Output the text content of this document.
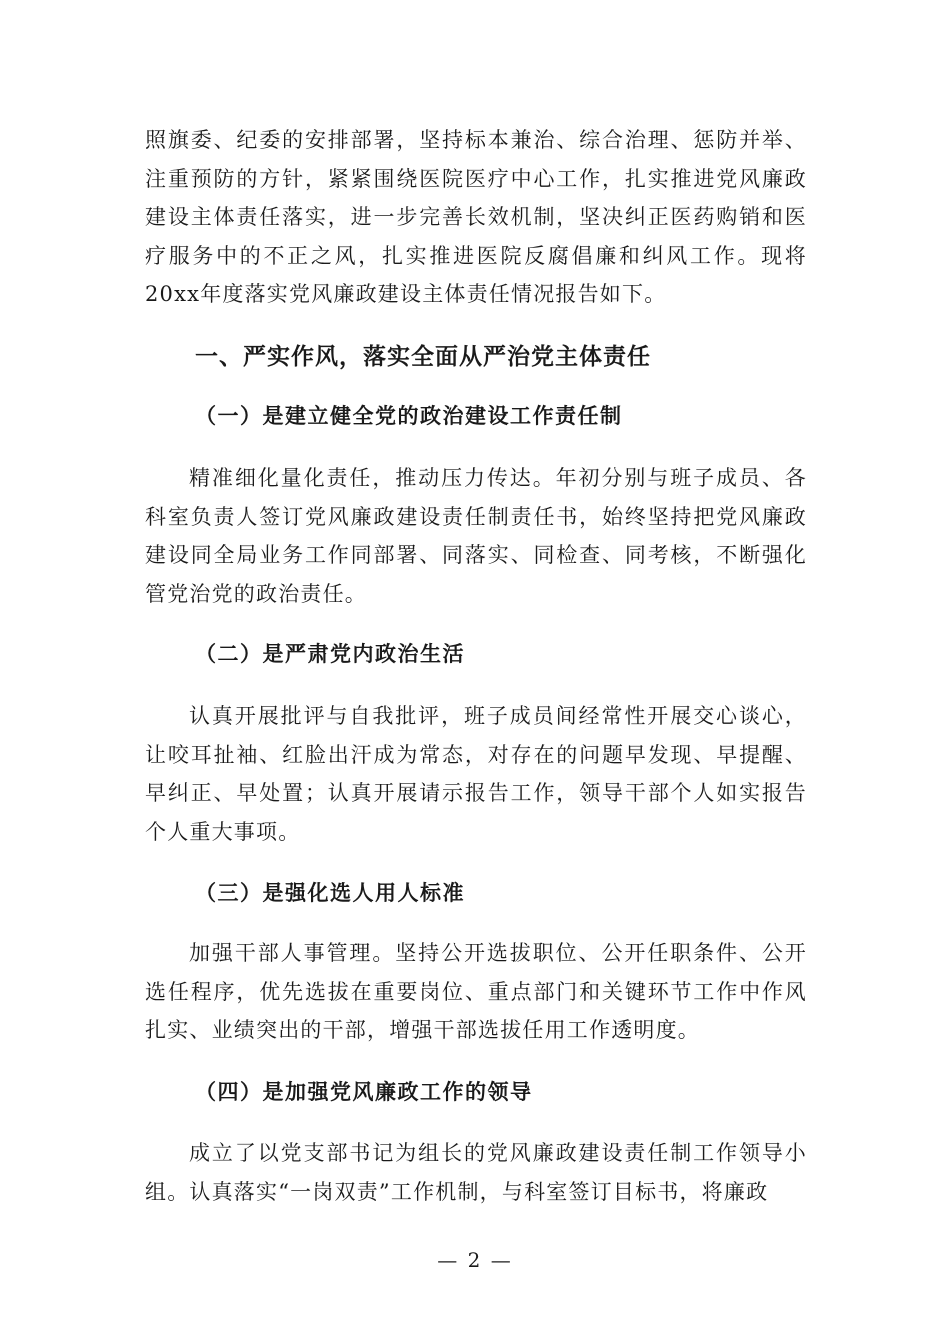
照旗委、纪委的安排部署，坚持标本兼治、综合治理、惩防并举、注重预防的方针，紧紧围绕医院医疗中心工作，扎实推进党风廉政建设主体责任落实，进一步完善长效机制，坚决纠正医药购销和医疗服务中的不正之风，扎实推进医院反腐倡廉和纠风工作。现将20xx年度落实党风廉政建设主体责任情况报告如下。

一、严实作风，落实全面从严治党主体责任
（一）是建立健全党的政治建设工作责任制

精准细化量化责任，推动压力传达。年初分别与班子成员、各科室负责人签订党风廉政建设责任制责任书，始终坚持把党风廉政建设同全局业务工作同部署、同落实、同检查、同考核，不断强化管党治党的政治责任。

（二）是严肃党内政治生活

认真开展批评与自我批评，班子成员间经常性开展交心谈心，让咬耳扯袖、红脸出汗成为常态，对存在的问题早发现、早提醒、早纠正、早处置；认真开展请示报告工作，领导干部个人如实报告个人重大事项。

（三）是强化选人用人标准

加强干部人事管理。坚持公开选拔职位、公开任职条件、公开选任程序，优先选拔在重要岗位、重点部门和关键环节工作中作风扎实、业绩突出的干部，增强干部选拔任用工作透明度。

（四）是加强党风廉政工作的领导

成立了以党支部书记为组长的党风廉政建设责任制工作领导小组。认真落实“一岗双责”工作机制，与科室签订目标书，将廉政

— 2 —
